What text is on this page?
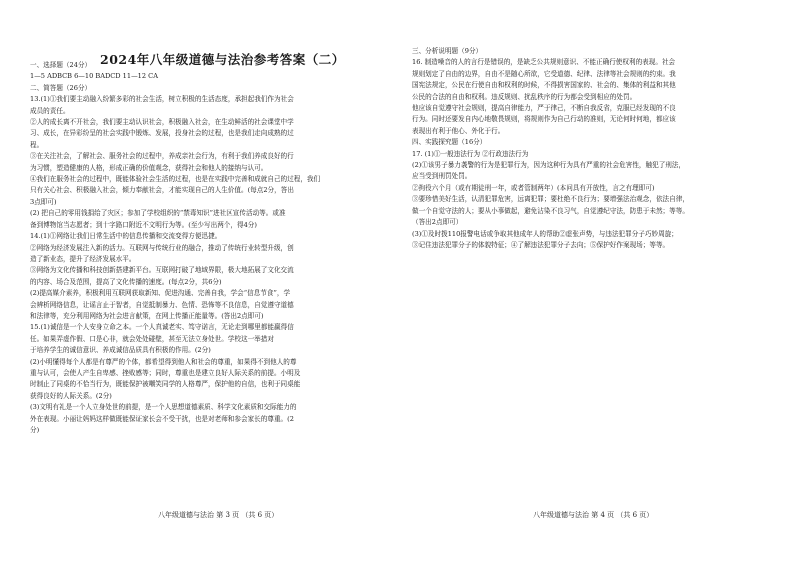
2024年八年级道德与法治参考答案（二）

一、选择题（24分）

1—5 ADBCB 6—10 BADCD 11—12 CA

二、简答题（26分）

13.(1)①我们要主动融入纷繁多彩的社会生活，树立积极的生活态度，承担起我们作为社会

成员的责任。

②人的成长离不开社会，我们要主动认识社会，积极融入社会，在生动鲜活的社会课堂中学

习、成长，在异彩纷呈的社会实践中锻炼、发展，投身社会的过程，也是我们走向成熟的过

程。

③在关注社会，了解社会、服务社会的过程中，养成亲社会行为，有利于我们养成良好的行

为习惯，塑造健康的人格，形成正确的价值观念，获得社会和他人的接纳与认可。

④我们在服务社会的过程中，既能体验社会生活的过程，也是在实践中完善和成就自己的过程，我们

只有关心社会、积极融入社会，倾力奉献社会，才能实现自己的人生价值。(每点2分，答出

3点即可)

(2) 把自己的零用钱捐给了灾区；参加了学校组织的“禁毒知识”进社区宣传活动等。或准

备到博物馆当志愿者；到十字路口附近不文明行为等。(至少写出两个，得4分)

14.(1)①网络让我们日常生活中的信息传播和交流变得方便迅捷。

②网络为经济发展注入新的活力。互联网与传统行业的融合，推动了传统行业转型升级，创

造了新业态，提升了经济发展水平。

③网络为文化传播和科技创新搭建新平台。互联网打破了地域界限，极大地拓展了文化交流

的内容、场合及范围，提高了文化传播的速度。(每点2分，共6分)

(2)提高媒介素养，积极利用互联网获取新知、促进沟通、完善自我，学会“信息节食”，学

会辨析网络信息，让谣言止于智者，自觉抵制暴力、色情、恐怖等不良信息，自觉遵守道德

和法律等，充分利用网络为社会进言献策，在网上传播正能量等。(答出2点即可)

15.(1)诚信是一个人安身立命之本。一个人真诚老实、笃守诺言，无论走到哪里都能赢得信

任。如果弄虚作假、口是心非，就会处处碰壁，甚至无法立身处世。学校这一举措对

于培养学生的诚信意识、养成诚信品质具有积极的作用。(2分)

(2)小明懂得每个人都是有尊严的个体，都希望得到他人和社会的尊重，如果得不到他人的尊

重与认可，会使人产生自卑感、挫败感等；同时，尊重也是建立良好人际关系的前提。小明及

时制止了同桌的不恰当行为，既能保护被嘲笑同学的人格尊严，保护他的自信，也利于同桌能

获得良好的人际关系。(2分)

(3)文明有礼是一个人立身处世的前提，是一个人思想道德素质、科学文化素质和交际能力的

外在表现。小丽让妈妈这样做既能保证家长会不受干扰，也是对老师和参会家长的尊重。(2

分)

八年级道德与法治 第 3 页 （共 6 页）

三、分析说明题（9分）

16. 制造噪音的人的言行是错误的，是缺乏公共规则意识、不能正确行使权利的表现。社会

规则划定了自由的边界，自由不是随心所欲，它受道德、纪律、法律等社会规则的约束。我

国宪法规定，公民在行使自由和权利的时候，不得损害国家的、社会的、集体的利益和其他

公民的合法的自由和权利。违反规则、扰乱秩序的行为都会受到相应的处罚。

他应该自觉遵守社会规则，提高自律能力，严于律己，不断自我反省，克服已经发现的不良

行为。同时还要发自内心地敬畏规则，将规则作为自己行动的准则，无论何时何地，都应该

表现出有利于他心、外化于行。

四、实践探究题（16分）

17. (1)①一般违法行为 ②行政违法行为

(2)①该男子暴力袭警的行为是犯罪行为，因为这种行为具有严重的社会危害性，触犯了刑法，

应当受到刑罚处罚。

②拘役六个月（或有期徒刑一年，或者管制两年）(本问具有开放性，言之有理即可)

③要珍惜美好生活，认清犯罪危害，远离犯罪；要杜绝不良行为；要增强法治观念，依法自律，

做一个自觉守法的人；要从小事做起，避免沾染不良习气，自觉遵纪守法，防患于未然；等等。

（答出2点即可）

(3)①及时拨110报警电话或争取其他成年人的帮助②虚张声势，与违法犯罪分子巧妙周旋；

③记住违法犯罪分子的体貌特征；④了解违法犯罪分子去向；⑤保护好作案现场；等等。

八年级道德与法治 第 4 页 （共 6 页）
